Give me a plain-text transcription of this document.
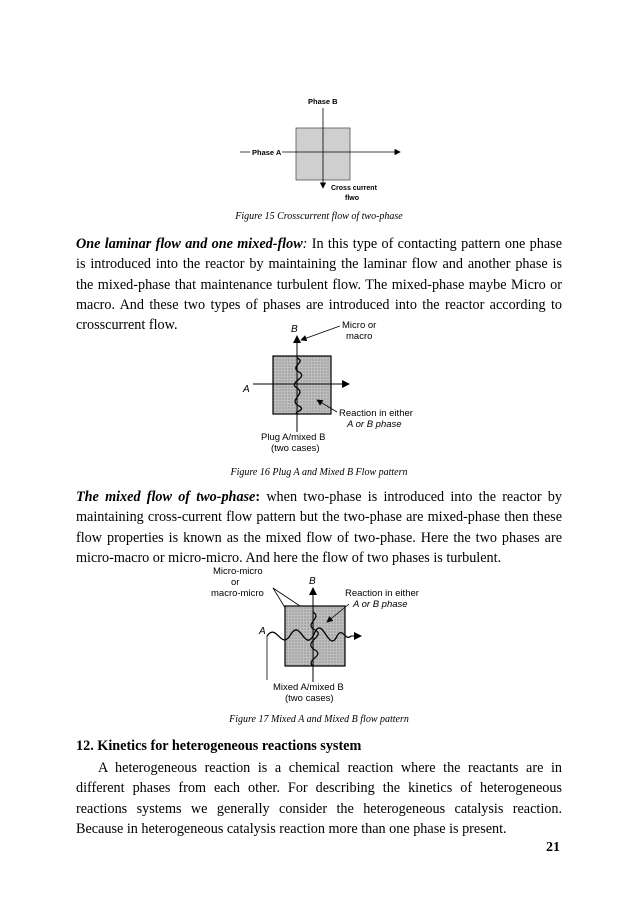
Phase B
Phase A
Cross current
flwo
Figure 15 Crosscurrent flow of two-phase

One laminar flow and one mixed-flow: In this type of contacting pattern one phase is introduced into the reactor by maintaining the laminar flow and another phase is the mixed-phase that maintenance turbulent flow. The mixed-phase maybe Micro or macro. And these two types of phases are introduced into the reactor according to crosscurrent flow.	B	Micro or
macro
A
Reaction in either
A or B phase
Plug A/mixed B
(two cases)
Figure 16 Plug A and Mixed B Flow pattern

The mixed flow of two-phase: when two-phase is introduced into the reactor by maintaining cross-current flow pattern but the two-phase are mixed-phase then these flow properties is known as the mixed flow of two-phase. Here the two phases are micro-macro or micro-micro. And here the flow of two phases is turbulent.

Micro-micro
or
macro-micro
B
A
Reaction in either
A or B phase
Mixed A/mixed B
(two cases)
Figure 17 Mixed A and Mixed B flow pattern
12. Kinetics for heterogeneous reactions system

A heterogeneous reaction is a chemical reaction where the reactants are in different phases from each other. For describing the kinetics of heterogeneous reactions systems we generally consider the heterogeneous catalysis reaction. Because in heterogeneous catalysis reaction more than one phase is present.

21
